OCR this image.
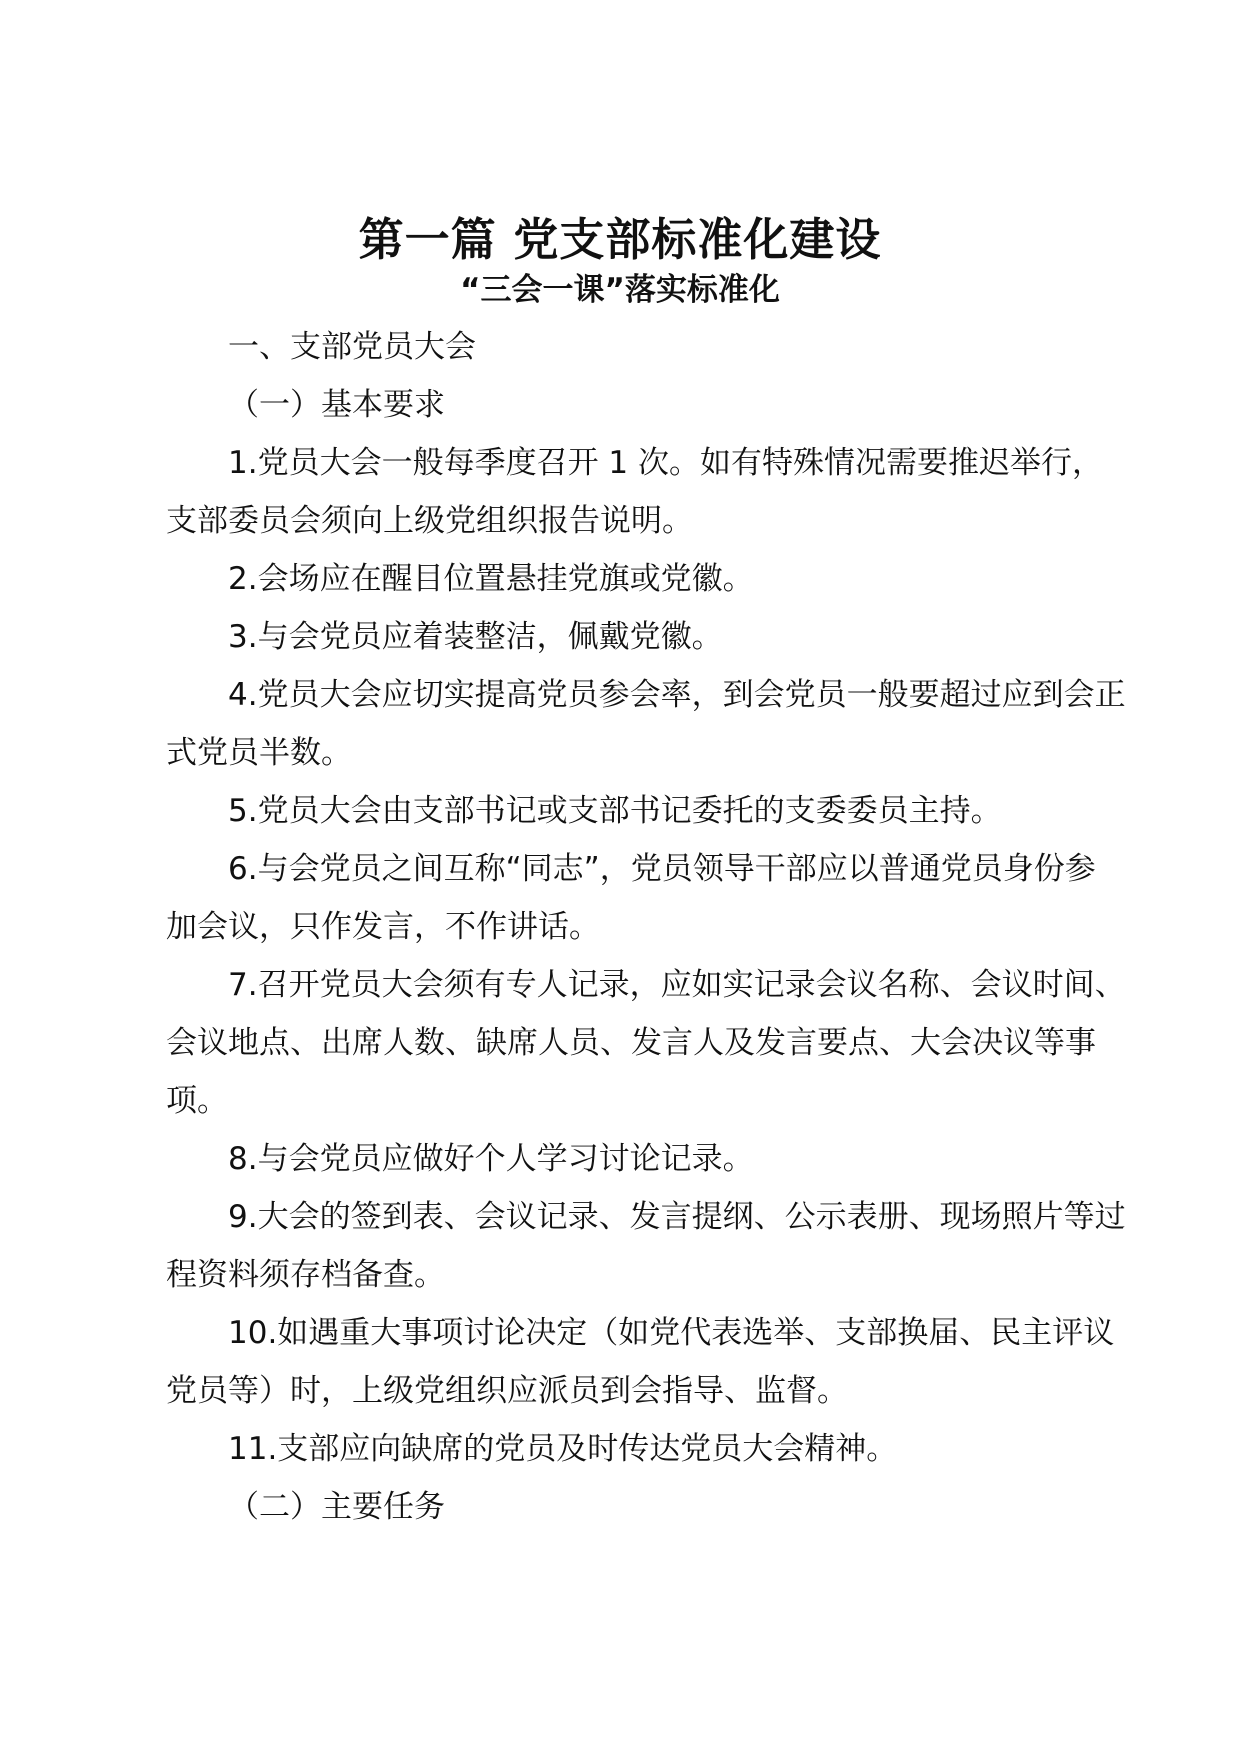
第一篇 党支部标准化建设
“三会一课”落实标准化

一、支部党员大会

（一）基本要求

1.党员大会一般每季度召开 1 次。如有特殊情况需要推迟举行，支部委员会须向上级党组织报告说明。

2.会场应在醒目位置悬挂党旗或党徽。

3.与会党员应着装整洁，佩戴党徽。

4.党员大会应切实提高党员参会率，到会党员一般要超过应到会正式党员半数。

5.党员大会由支部书记或支部书记委托的支委委员主持。

6.与会党员之间互称“同志”，党员领导干部应以普通党员身份参加会议，只作发言，不作讲话。

7.召开党员大会须有专人记录，应如实记录会议名称、会议时间、会议地点、出席人数、缺席人员、发言人及发言要点、大会决议等事项。

8.与会党员应做好个人学习讨论记录。

9.大会的签到表、会议记录、发言提纲、公示表册、现场照片等过程资料须存档备查。

10.如遇重大事项讨论决定（如党代表选举、支部换届、民主评议党员等）时，上级党组织应派员到会指导、监督。

11.支部应向缺席的党员及时传达党员大会精神。

（二）主要任务
